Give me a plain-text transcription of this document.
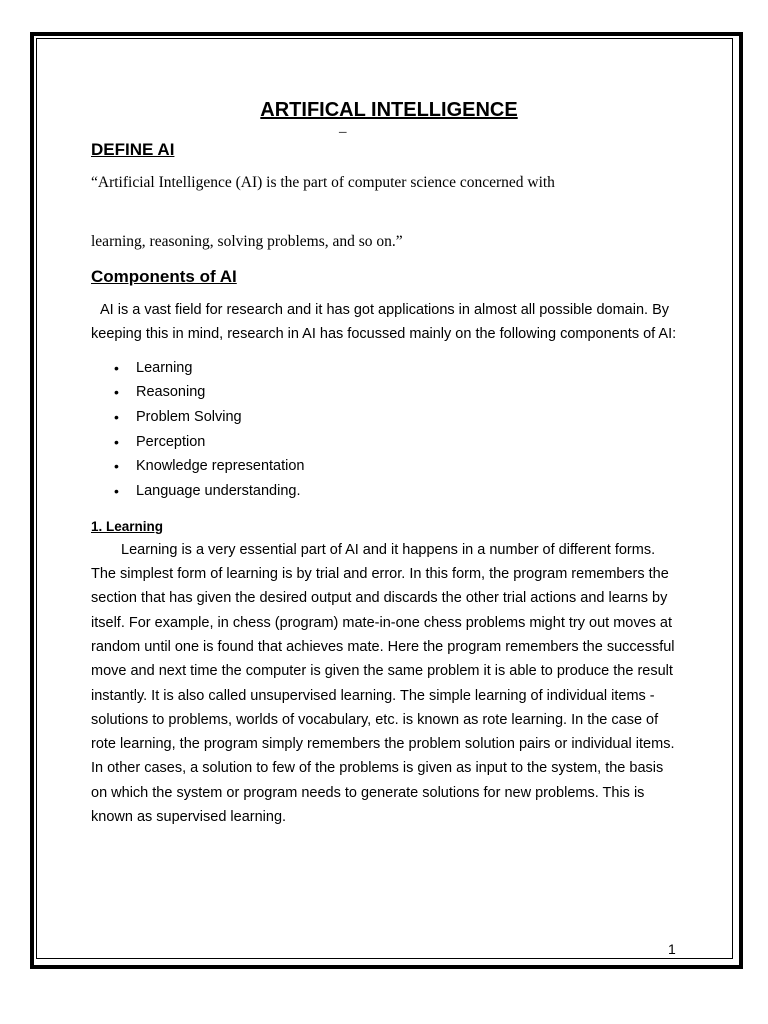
–
ARTIFICAL INTELLIGENCE
DEFINE AI

“Artificial Intelligence (AI) is the part of computer science concerned with

learning, reasoning, solving problems, and so on.”

Components of AI

AI is a vast field for research and it has got applications in almost all possible domain. By keeping this in mind, research in AI has focussed mainly on the following components of AI:

• Learning
• Reasoning
• Problem Solving
• Perception
• Knowledge representation
• Language understanding.
1. Learning

Learning is a very essential part of AI and it happens in a number of different forms. The simplest form of learning is by trial and error. In this form, the program remembers the section that has given the desired output and discards the other trial actions and learns by itself. For example, in chess (program) mate-in-one chess problems might try out moves at random until one is found that achieves mate. Here the program remembers the successful move and next time the computer is given the same problem it is able to produce the result instantly. It is also called unsupervised learning. The simple learning of individual items - solutions to problems, worlds of vocabulary, etc. is known as rote learning. In the case of rote learning, the program simply remembers the problem solution pairs or individual items. In other cases, a solution to few of the problems is given as input to the system, the basis on which the system or program needs to generate solutions for new problems. This is known as supervised learning.

1
